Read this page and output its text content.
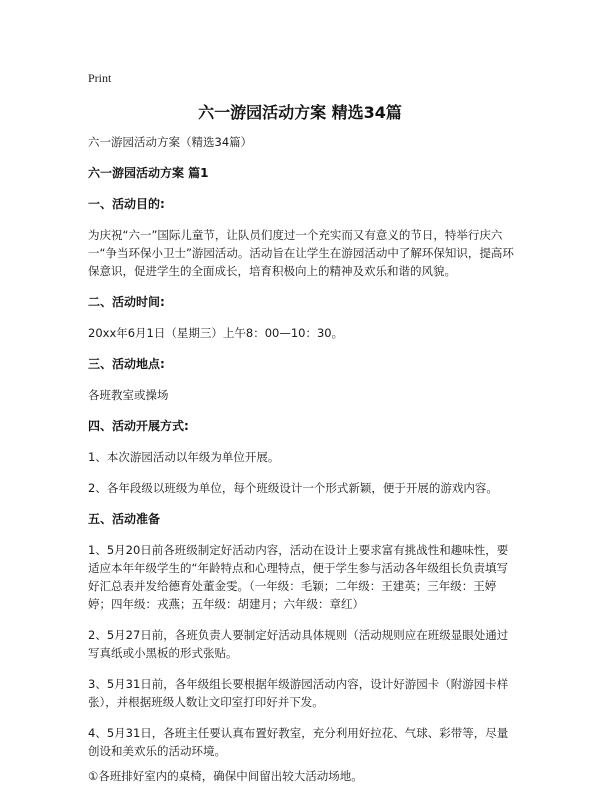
Print
六一游园活动方案 精选34篇

六一游园活动方案（精选34篇）

六一游园活动方案 篇1

一、活动目的:

为庆祝“六一”国际儿童节，让队员们度过一个充实而又有意义的节日，特举行庆六一“争当环保小卫士”游园活动。活动旨在让学生在游园活动中了解环保知识，提高环保意识，促进学生的全面成长，培育积极向上的精神及欢乐和谐的风貌。

二、活动时间:

20xx年6月1日（星期三）上午8：00—10：30。

三、活动地点:

各班教室或操场

四、活动开展方式:

1、本次游园活动以年级为单位开展。

2、各年段级以班级为单位，每个班级设计一个形式新颖，便于开展的游戏内容。

五、活动准备

1、5月20日前各班级制定好活动内容，活动在设计上要求富有挑战性和趣味性，要适应本年年级学生的“年龄特点和心理特点，便于学生参与活动各年级组长负责填写好汇总表并发给德育处董金雯。（一年级：毛颖；二年级：王建英；三年级：王婷婷；四年级：戎燕；五年级：胡建月；六年级：章红）

2、5月27日前，各班负责人要制定好活动具体规则（活动规则应在班级显眼处通过写真纸或小黑板的形式张贴。

3、5月31日前，各年级组长要根据年级游园活动内容，设计好游园卡（附游园卡样张），并根据班级人数让文印室打印好并下发。

4、5月31日，各班主任要认真布置好教室，充分利用好拉花、气球、彩带等，尽量创设和美欢乐的活动环境。

①各班排好室内的桌椅，确保中间留出较大活动场地。
